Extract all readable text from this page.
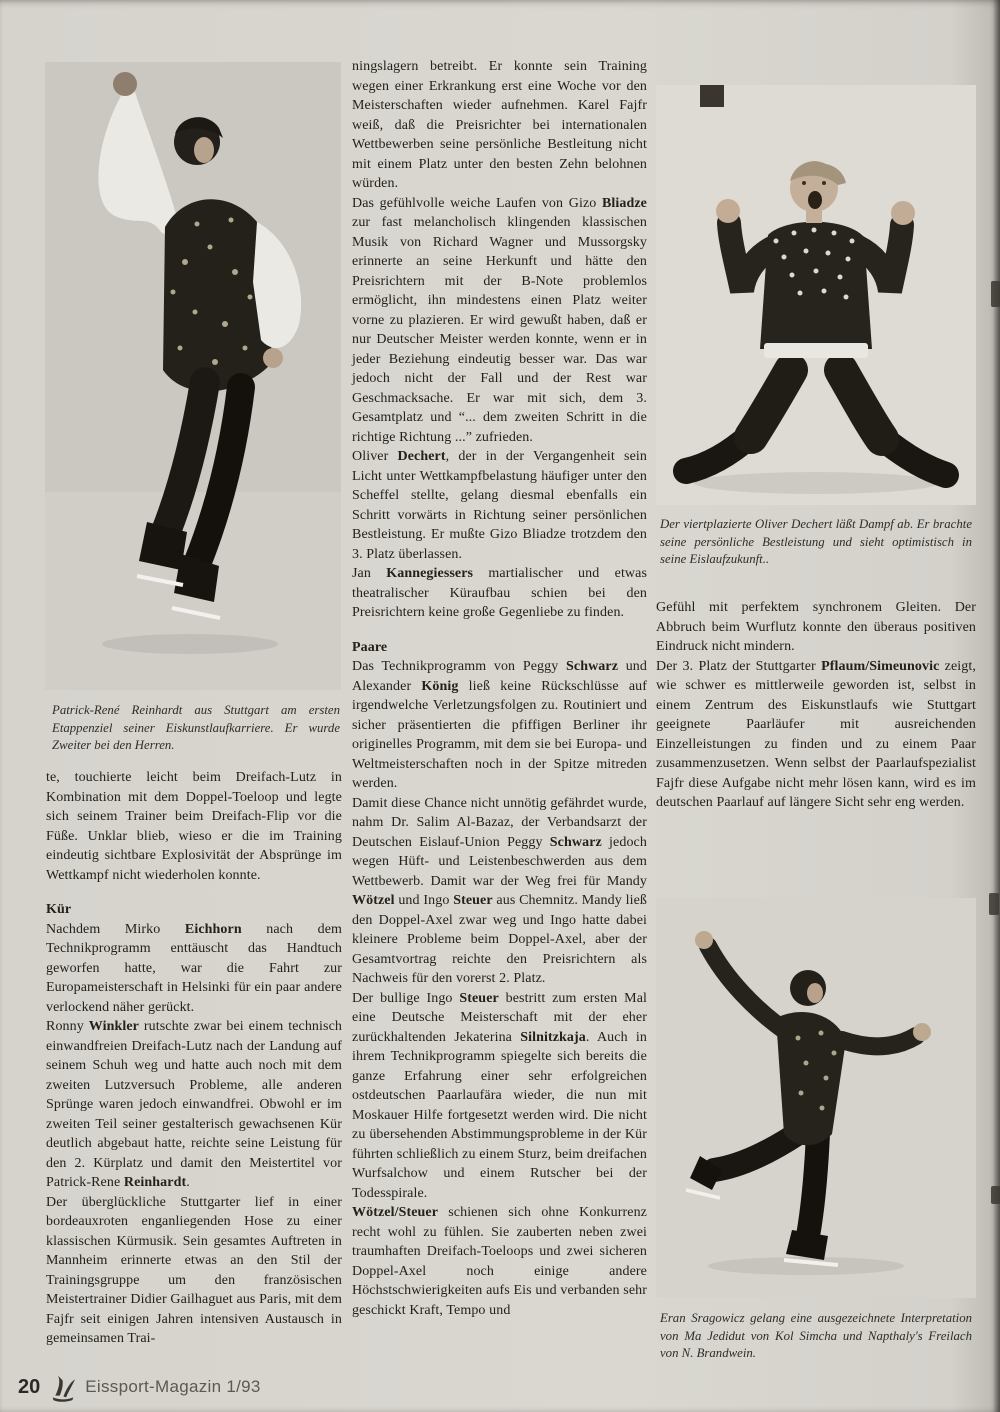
Patrick-René Reinhardt aus Stuttgart am ersten Etappenziel seiner Eiskunstlaufkarriere. Er wurde Zweiter bei den Herren.

te, touchierte leicht beim Dreifach-Lutz in Kombination mit dem Doppel-Toeloop und legte sich seinem Trainer beim Dreifach-Flip vor die Füße. Unklar blieb, wieso er die im Training eindeutig sichtbare Explosivität der Absprünge im Wettkampf nicht wiederholen konnte.

Kür

Nachdem Mirko Eichhorn nach dem Technikprogramm enttäuscht das Handtuch geworfen hatte, war die Fahrt zur Europameisterschaft in Helsinki für ein paar andere verlockend näher gerückt.

Ronny Winkler rutschte zwar bei einem technisch einwandfreien Dreifach-Lutz nach der Landung auf seinem Schuh weg und hatte auch noch mit dem zweiten Lutzversuch Probleme, alle anderen Sprünge waren jedoch einwandfrei. Obwohl er im zweiten Teil seiner gestalterisch gewachsenen Kür deutlich abgebaut hatte, reichte seine Leistung für den 2. Kürplatz und damit den Meistertitel vor Patrick-Rene Reinhardt.

Der überglückliche Stuttgarter lief in einer bordeauxroten enganliegenden Hose zu einer klassischen Kürmusik. Sein gesamtes Auftreten in Mannheim erinnerte etwas an den Stil der Trainingsgruppe um den französischen Meistertrainer Didier Gailhaguet aus Paris, mit dem Fajfr seit einigen Jahren intensiven Austausch in gemeinsamen Trai-

ningslagern betreibt. Er konnte sein Training wegen einer Erkrankung erst eine Woche vor den Meisterschaften wieder aufnehmen. Karel Fajfr weiß, daß die Preisrichter bei internationalen Wettbewerben seine persönliche Bestleitung nicht mit einem Platz unter den besten Zehn belohnen würden.

Das gefühlvolle weiche Laufen von Gizo Bliadze zur fast melancholisch klingenden klassischen Musik von Richard Wagner und Mussorgsky erinnerte an seine Herkunft und hätte den Preisrichtern mit der B-Note problemlos ermöglicht, ihn mindestens einen Platz weiter vorne zu plazieren. Er wird gewußt haben, daß er nur Deutscher Meister werden konnte, wenn er in jeder Beziehung eindeutig besser war. Das war jedoch nicht der Fall und der Rest war Geschmacksache. Er war mit sich, dem 3. Gesamtplatz und “... dem zweiten Schritt in die richtige Richtung ...” zufrieden.

Oliver Dechert, der in der Vergangenheit sein Licht unter Wettkampfbelastung häufiger unter den Scheffel stellte, gelang diesmal ebenfalls ein Schritt vorwärts in Richtung seiner persönlichen Bestleistung. Er mußte Gizo Bliadze trotzdem den 3. Platz überlassen.

Jan Kannegiessers martialischer und etwas theatralischer Küraufbau schien bei den Preisrichtern keine große Gegenliebe zu finden.

Paare

Das Technikprogramm von Peggy Schwarz und Alexander König ließ keine Rückschlüsse auf irgendwelche Verletzungsfolgen zu. Routiniert und sicher präsentierten die pfiffigen Berliner ihr originelles Programm, mit dem sie bei Europa- und Weltmeisterschaften noch in der Spitze mitreden werden.

Damit diese Chance nicht unnötig gefährdet wurde, nahm Dr. Salim Al-Bazaz, der Verbandsarzt der Deutschen Eislauf-Union Peggy Schwarz jedoch wegen Hüft- und Leistenbeschwerden aus dem Wettbewerb. Damit war der Weg frei für Mandy Wötzel und Ingo Steuer aus Chemnitz. Mandy ließ den Doppel-Axel zwar weg und Ingo hatte dabei kleinere Probleme beim Doppel-Axel, aber der Gesamtvortrag reichte den Preisrichtern als Nachweis für den vorerst 2. Platz.

Der bullige Ingo Steuer bestritt zum ersten Mal eine Deutsche Meisterschaft mit der eher zurückhaltenden Jekaterina Silnitzkaja. Auch in ihrem Technikprogramm spiegelte sich bereits die ganze Erfahrung einer sehr erfolgreichen ostdeutschen Paarlaufära wieder, die nun mit Moskauer Hilfe fortgesetzt werden wird. Die nicht zu übersehenden Abstimmungsprobleme in der Kür führten schließlich zu einem Sturz, beim dreifachen Wurfsalchow und einem Rutscher bei der Todesspirale.

Wötzel/Steuer schienen sich ohne Konkurrenz recht wohl zu fühlen. Sie zauberten neben zwei traumhaften Dreifach-Toeloops und zwei sicheren Doppel-Axel noch einige andere Höchstschwierigkeiten aufs Eis und verbanden sehr geschickt Kraft, Tempo und

Der viertplazierte Oliver Dechert läßt Dampf ab. Er brachte seine persönliche Bestleistung und sieht optimistisch in seine Eislaufzukunft..

Gefühl mit perfektem synchronem Gleiten. Der Abbruch beim Wurflutz konnte den überaus positiven Eindruck nicht mindern.

Der 3. Platz der Stuttgarter Pflaum/Simeunovic zeigt, wie schwer es mittlerweile geworden ist, selbst in einem Zentrum des Eiskunstlaufs wie Stuttgart geeignete Paarläufer mit ausreichenden Einzelleistungen zu finden und zu einem Paar zusammenzusetzen. Wenn selbst der Paarlaufspezialist Fajfr diese Aufgabe nicht mehr lösen kann, wird es im deutschen Paarlauf auf längere Sicht sehr eng werden.

Eran Sragowicz gelang eine ausgezeichnete Interpretation von Ma Jedidut von Kol Simcha und Napthaly's Freilach von N. Brandwein.
20	Eissport-Magazin 1/93
